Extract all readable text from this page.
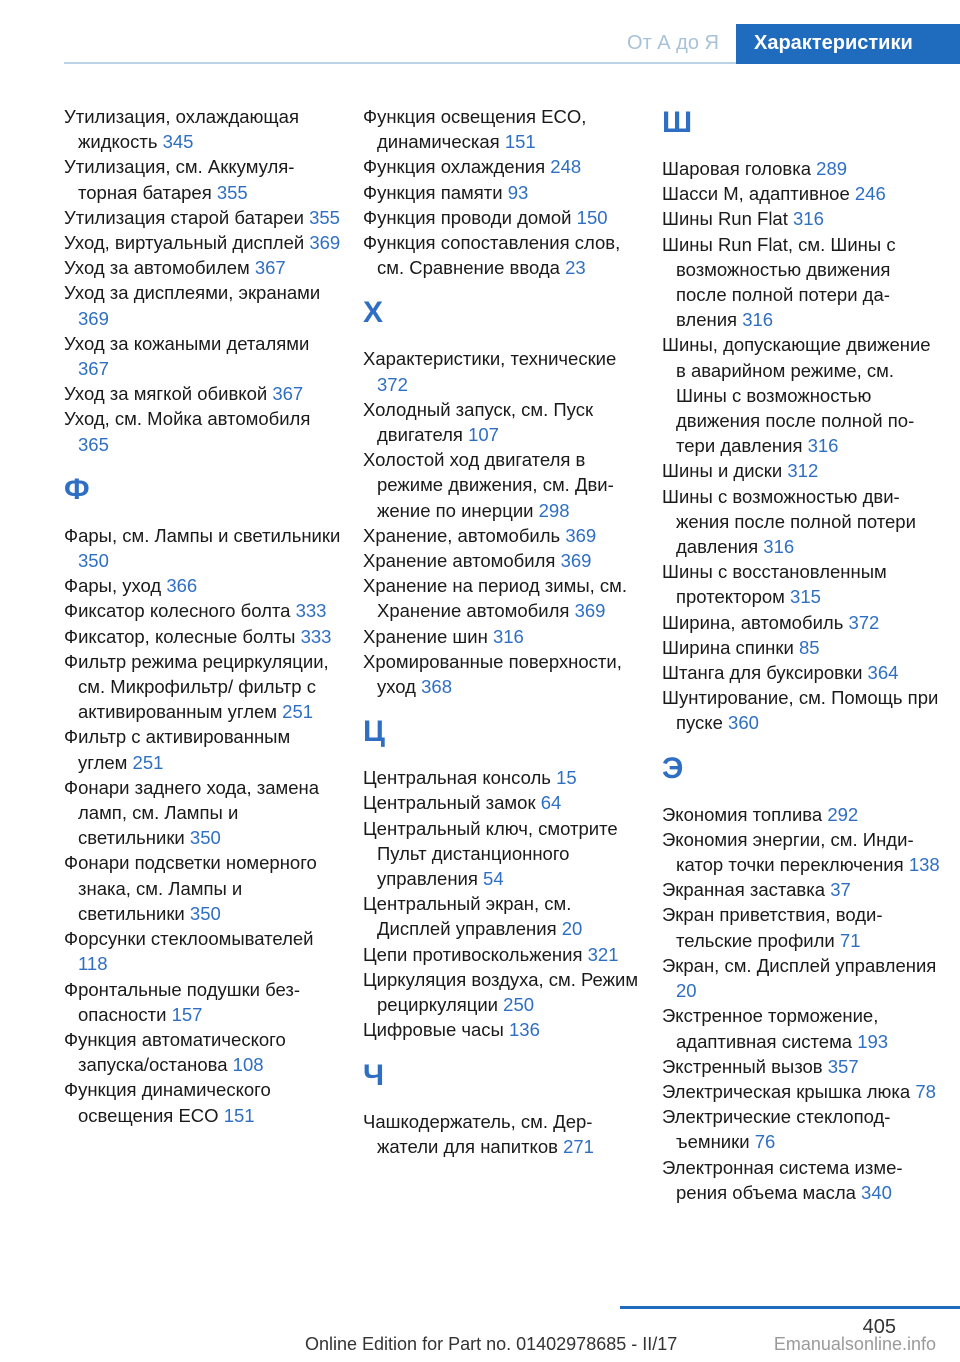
От А до Я	Характеристики
Утилизация, охлаждающая жидкость 345
Утилизация, см. Аккумуляторная батарея 355
Утилизация старой батареи 355
Уход, виртуальный дисплей 369
Уход за автомобилем 367
Уход за дисплеями, экранами 369
Уход за кожаными деталями 367
Уход за мягкой обивкой 367
Уход, см. Мойка автомобиля 365
Ф
Фары, см. Лампы и светильники 350
Фары, уход 366
Фиксатор колесного болта 333
Фиксатор, колесные болты 333
Фильтр режима рециркуляции, см. Микрофильтр/ фильтр с активированным углем 251
Фильтр с активированным углем 251
Фонари заднего хода, замена ламп, см. Лампы и светильники 350
Фонари подсветки номерного знака, см. Лампы и светильники 350
Форсунки стеклоомывателей 118
Фронтальные подушки безопасности 157
Функция автоматического запуска/останова 108
Функция динамического освещения ECO 151
Функция освещения ECO, динамическая 151
Функция охлаждения 248
Функция памяти 93
Функция проводи домой 150
Функция сопоставления слов, см. Сравнение ввода 23
Х
Характеристики, технические 372
Холодный запуск, см. Пуск двигателя 107
Холостой ход двигателя в режиме движения, см. Движение по инерции 298
Хранение, автомобиль 369
Хранение автомобиля 369
Хранение на период зимы, см. Хранение автомобиля 369
Хранение шин 316
Хромированные поверхности, уход 368
Ц
Центральная консоль 15
Центральный замок 64
Центральный ключ, смотрите Пульт дистанционного управления 54
Центральный экран, см. Дисплей управления 20
Цепи противоскольжения 321
Циркуляция воздуха, см. Режим рециркуляции 250
Цифровые часы 136
Ч
Чашкодержатель, см. Держатели для напитков 271
Ш
Шаровая головка 289
Шасси M, адаптивное 246
Шины Run Flat 316
Шины Run Flat, см. Шины с возможностью движения после полной потери давления 316
Шины, допускающие движение в аварийном режиме, см. Шины с возможностью движения после полной потери давления 316
Шины и диски 312
Шины с возможностью движения после полной потери давления 316
Шины с восстановленным протектором 315
Ширина, автомобиль 372
Ширина спинки 85
Штанга для буксировки 364
Шунтирование, см. Помощь при пуске 360
Э
Экономия топлива 292
Экономия энергии, см. Индикатор точки переключения 138
Экранная заставка 37
Экран приветствия, водительские профили 71
Экран, см. Дисплей управления 20
Экстренное торможение, адаптивная система 193
Экстренный вызов 357
Электрическая крышка люка 78
Электрические стеклоподъемники 76
Электронная система измерения объема масла 340
405
Online Edition for Part no. 01402978685 - II/17	Emanualsonline.info
